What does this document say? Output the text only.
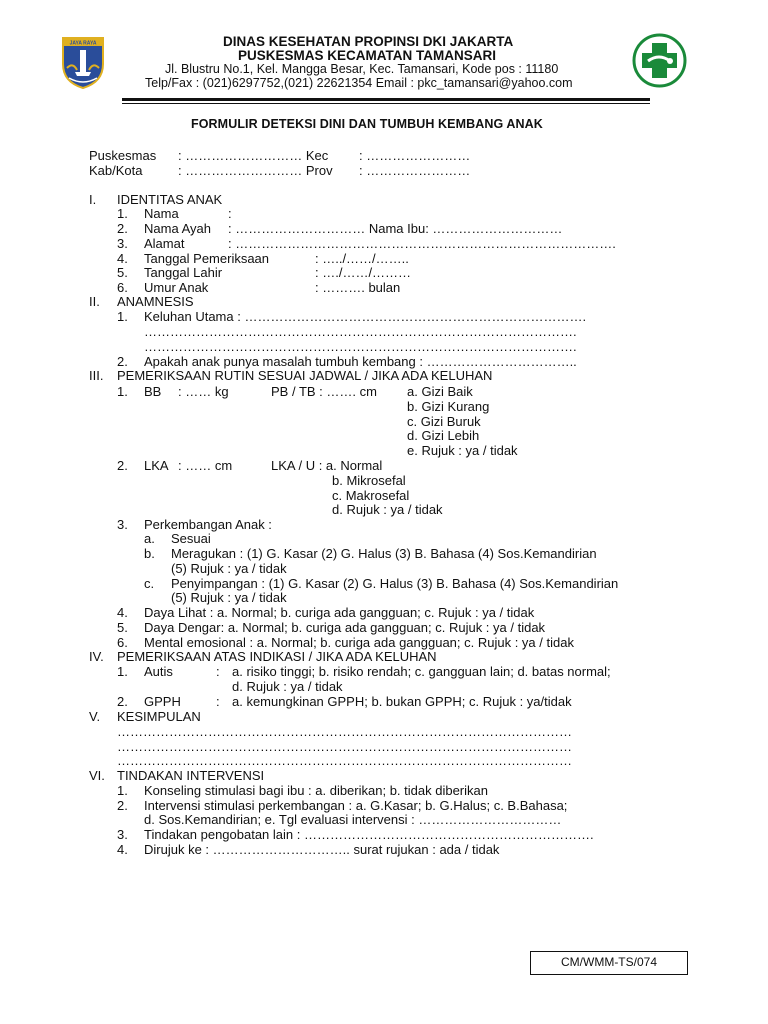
JAYA RAYA	DINAS KESEHATAN PROPINSI DKI JAKARTA
PUSKESMAS KECAMATAN TAMANSARI
Jl. Blustru No.1, Kel. Mangga Besar, Kec. Tamansari, Kode pos : 11180
Telp/Fax : (021)6297752,(021) 22621354 Email : pkc_tamansari@yahoo.com
FORMULIR DETEKSI DINI DAN TUMBUH KEMBANG ANAK
Puskesmas : ……………………… Kec : ……………………
Kab/Kota	: ……………………… Prov : ……………………
I. IDENTITAS ANAK
1. Nama	:
2. Nama Ayah : ………………………… Nama Ibu: …………………………
3. Alamat	: …………………………………………………………………………….
4. Tanggal Pemeriksaan	: …../……/……..
5. Tanggal Lahir	: …./……/………
6. Umur Anak	: ………. bulan
II. ANAMNESIS
1. Keluhan Utama : …………………………………………………………………….
……………………………………………………………………………………….
……………………………………………………………………………………….
2. Apakah anak punya masalah tumbuh kembang : ……………………………..
III. PEMERIKSAAN RUTIN SESUAI JADWAL / JIKA ADA KELUHAN
1. BB : …… kg	PB / TB : ……. cm a. Gizi Baik
b. Gizi Kurang
c. Gizi Buruk
d. Gizi Lebih
e. Rujuk : ya / tidak
2. LKA : …… cm	LKA / U : a. Normal
b. Mikrosefal
c. Makrosefal
d. Rujuk : ya / tidak
3. Perkembangan Anak :
a. Sesuai
b. Meragukan : (1) G. Kasar (2) G. Halus (3) B. Bahasa (4) Sos.Kemandirian
(5) Rujuk : ya / tidak
c. Penyimpangan : (1) G. Kasar (2) G. Halus (3) B. Bahasa (4) Sos.Kemandirian
(5) Rujuk : ya / tidak
4. Daya Lihat : a. Normal; b. curiga ada gangguan; c. Rujuk : ya / tidak
5. Daya Dengar: a. Normal; b. curiga ada gangguan; c. Rujuk : ya / tidak
6. Mental emosional : a. Normal; b. curiga ada gangguan; c. Rujuk : ya / tidak
IV. PEMERIKSAAN ATAS INDIKASI / JIKA ADA KELUHAN
1. Autis	: a. risiko tinggi; b. risiko rendah; c. gangguan lain; d. batas normal;
d. Rujuk : ya / tidak
2. GPPH	: a. kemungkinan GPPH; b. bukan GPPH; c. Rujuk : ya/tidak
V. KESIMPULAN
……………………………………………………………………………………………
……………………………………………………………………………………………
……………………………………………………………………………………………
VI. TINDAKAN INTERVENSI
1. Konseling stimulasi bagi ibu : a. diberikan; b. tidak diberikan
2. Intervensi stimulasi perkembangan : a. G.Kasar; b. G.Halus; c. B.Bahasa;
d. Sos.Kemandirian; e. Tgl evaluasi intervensi : ……………………………
3. Tindakan pengobatan lain : ………………………………………………………….
4. Dirujuk ke : ………………………….. surat rujukan : ada / tidak
CM/WMM-TS/074
